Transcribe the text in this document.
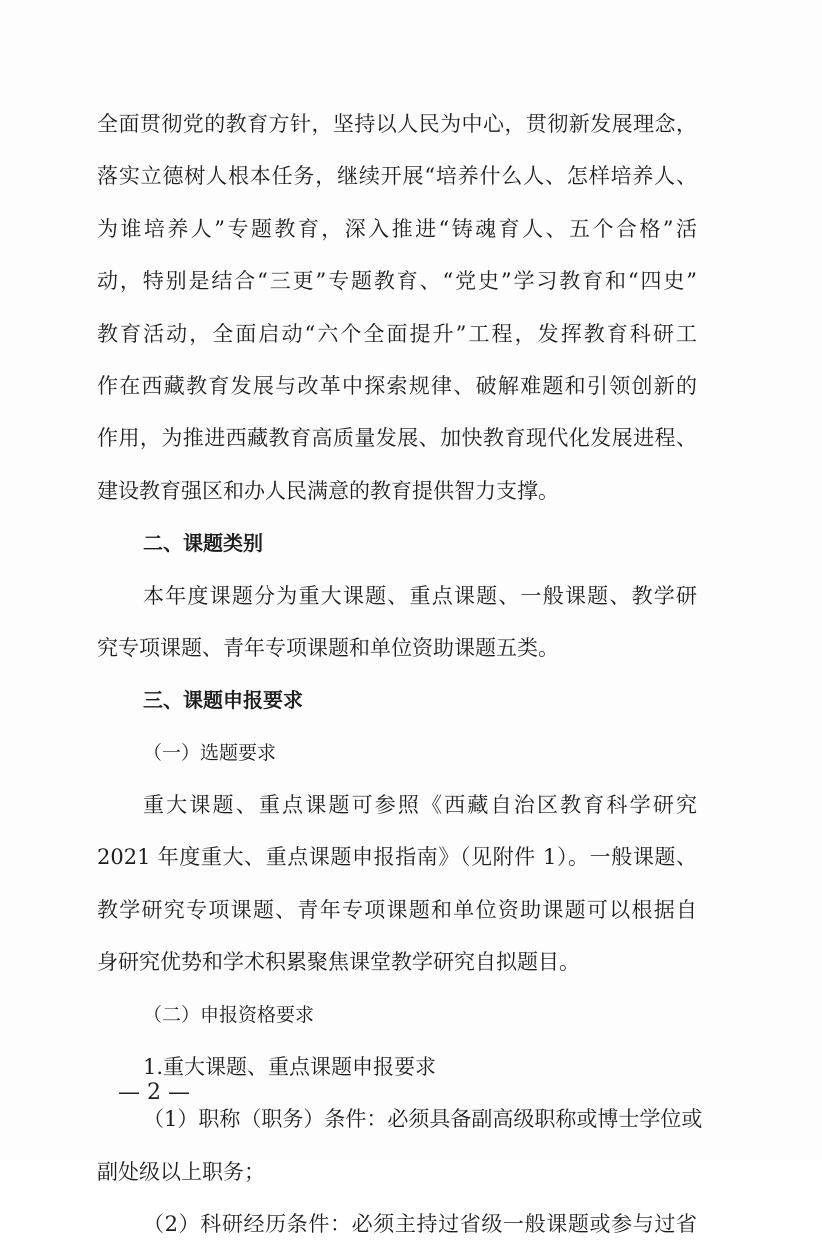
全面贯彻党的教育方针，坚持以人民为中心，贯彻新发展理念，
落实立德树人根本任务，继续开展“培养什么人、怎样培养人、
为谁培养人”专题教育，深入推进“铸魂育人、五个合格”活
动，特别是结合“三更”专题教育、“党史”学习教育和“四史”
教育活动，全面启动“六个全面提升”工程，发挥教育科研工
作在西藏教育发展与改革中探索规律、破解难题和引领创新的
作用，为推进西藏教育高质量发展、加快教育现代化发展进程、
建设教育强区和办人民满意的教育提供智力支撑。
二、课题类别
本年度课题分为重大课题、重点课题、一般课题、教学研
究专项课题、青年专项课题和单位资助课题五类。
三、课题申报要求
（一）选题要求
重大课题、重点课题可参照《西藏自治区教育科学研究
2021 年度重大、重点课题申报指南》（见附件 1）。一般课题、
教学研究专项课题、青年专项课题和单位资助课题可以根据自
身研究优势和学术积累聚焦课堂教学研究自拟题目。
（二）申报资格要求
1.重大课题、重点课题申报要求
（1）职称（职务）条件：必须具备副高级职称或博士学位或
副处级以上职务；
（2）科研经历条件：必须主持过省级一般课题或参与过省
— 2 —
